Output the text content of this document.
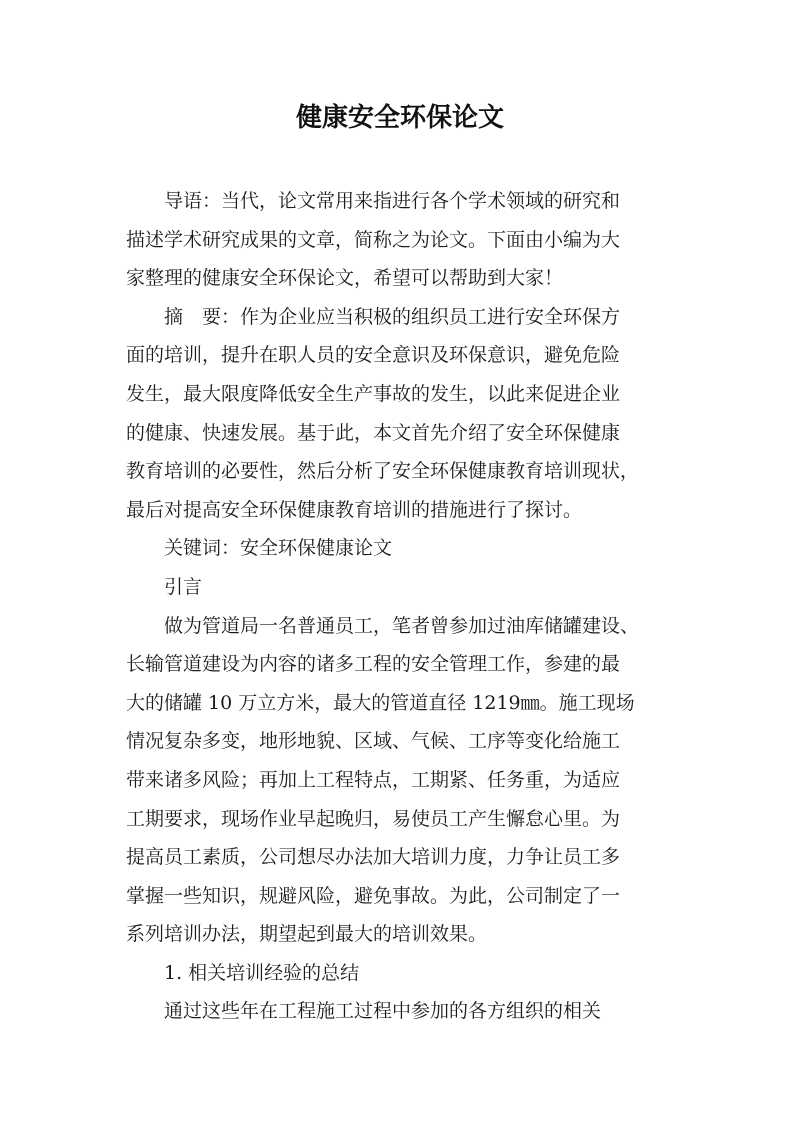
健康安全环保论文
导语：当代，论文常用来指进行各个学术领域的研究和
描述学术研究成果的文章，简称之为论文。下面由小编为大
家整理的健康安全环保论文，希望可以帮助到大家！
摘　要：作为企业应当积极的组织员工进行安全环保方
面的培训，提升在职人员的安全意识及环保意识，避免危险
发生，最大限度降低安全生产事故的发生，以此来促进企业
的健康、快速发展。基于此，本文首先介绍了安全环保健康
教育培训的必要性，然后分析了安全环保健康教育培训现状，
最后对提高安全环保健康教育培训的措施进行了探讨。
关键词：安全环保健康论文
引言
做为管道局一名普通员工，笔者曾参加过油库储罐建设、
长输管道建设为内容的诸多工程的安全管理工作，参建的最
大的储罐 10 万立方米，最大的管道直径 1219㎜。施工现场
情况复杂多变，地形地貌、区域、气候、工序等变化给施工
带来诸多风险；再加上工程特点，工期紧、任务重，为适应
工期要求，现场作业早起晚归，易使员工产生懈怠心里。为
提高员工素质，公司想尽办法加大培训力度，力争让员工多
掌握一些知识，规避风险，避免事故。为此，公司制定了一
系列培训办法，期望起到最大的培训效果。
1. 相关培训经验的总结
通过这些年在工程施工过程中参加的各方组织的相关
